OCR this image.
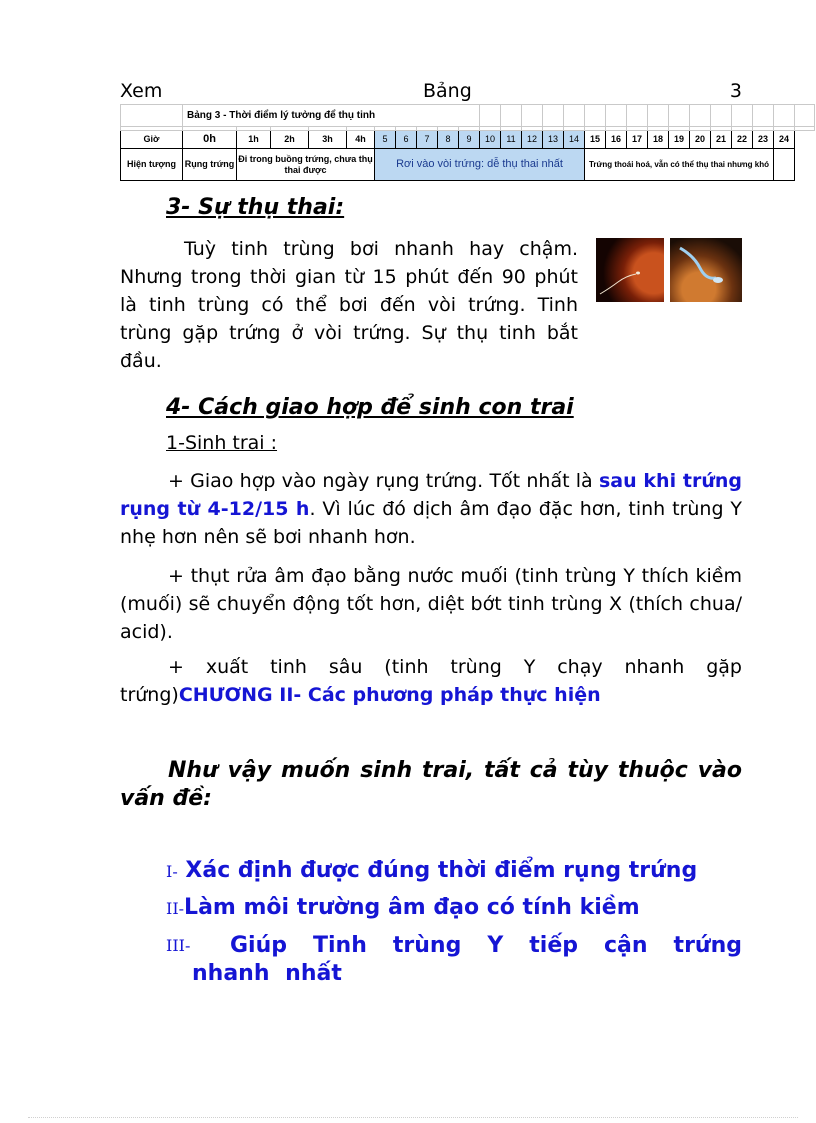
Xem	Bảng	3
	Bảng 3 - Thời điểm lý tưởng để thụ tinh																									

Giờ	0h	1h	2h	3h	4h	5	6	7	8	9	10	11	12	13	14	15	16	17	18	19	20	21	22	23	24	
Hiện tượng	Rụng trứng	Đi trong buồng trứng, chưa thụ thai được				Rơi vào vòi trứng: dễ thụ thai nhất										Trứng thoái hoá, vẫn có thể thụ thai nhưng khó										
3- Sự thụ thai:
Tuỳ tinh trùng bơi nhanh hay chậm. Nhưng trong thời gian từ 15 phút đến 90 phút là tinh trùng có thể bơi đến vòi trứng. Tinh trùng gặp trứng ở vòi trứng. Sự thụ tinh bắt đầu.
4- Cách giao hợp để sinh con trai
1-Sinh trai :
+ Giao hợp vào ngày rụng trứng. Tốt nhất là sau khi trứng rụng từ 4-12/15 h. Vì lúc đó dịch âm đạo đặc hơn, tinh trùng Y nhẹ hơn nên sẽ bơi nhanh hơn.
+ thụt rửa âm đạo bằng nước muối (tinh trùng Y thích kiềm (muối) sẽ chuyển động tốt hơn, diệt bớt tinh trùng X (thích chua/ acid).
+ xuất tinh sâu (tinh trùng Y chạy nhanh gặp trứng)CHƯƠNG II- Các phương pháp thực hiện
Như vậy muốn sinh trai, tất cả tùy thuộc vào vấn đề:
I- Xác định được đúng thời điểm rụng trứng
II-Làm môi trường âm đạo có tính kiềm
III-	Giúp Tinh trùng Y tiếp cận trứng nhanh nhất
